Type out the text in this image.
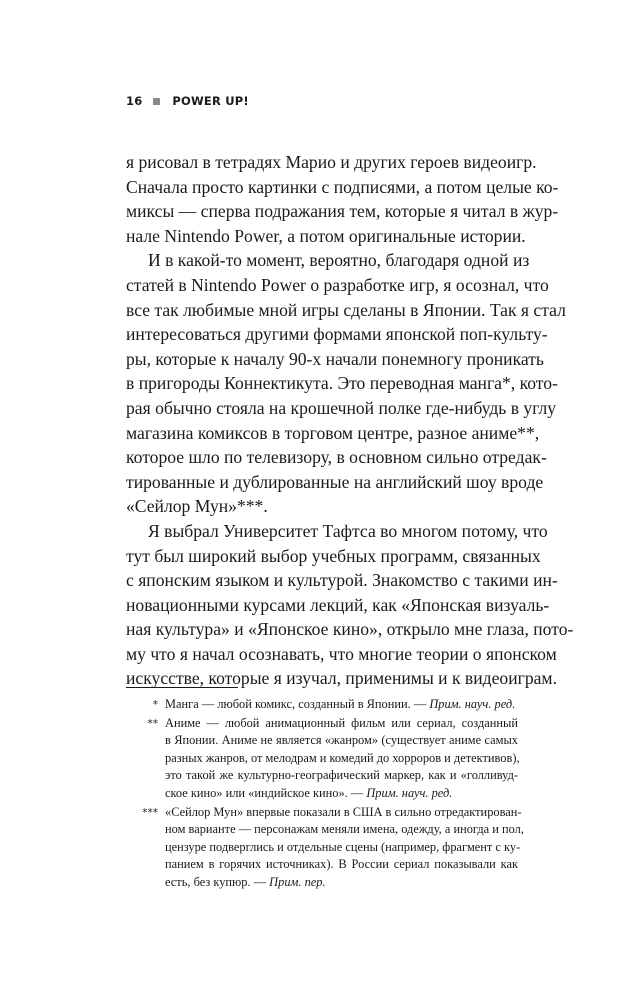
16	POWER UP!
я рисовал в тетрадях Марио и других героев видеоигр.
Сначала просто картинки с подписями, а потом целые ко-
миксы — сперва подражания тем, которые я читал в жур-
нале Nintendo Power, а потом оригинальные истории.
И в какой-то момент, вероятно, благодаря одной из
статей в Nintendo Power о разработке игр, я осознал, что
все так любимые мной игры сделаны в Японии. Так я стал
интересоваться другими формами японской поп-культу-
ры, которые к началу 90-х начали понемногу проникать
в пригороды Коннектикута. Это переводная манга*, кото-
рая обычно стояла на крошечной полке где-нибудь в углу
магазина комиксов в торговом центре, разное аниме**,
которое шло по телевизору, в основном сильно отредак-
тированные и дублированные на английский шоу вроде
«Сейлор Мун»***.
Я выбрал Университет Тафтса во многом потому, что
тут был широкий выбор учебных программ, связанных
с японским языком и культурой. Знакомство с такими ин-
новационными курсами лекций, как «Японская визуаль-
ная культура» и «Японское кино», открыло мне глаза, пото-
му что я начал осознавать, что многие теории о японском
искусстве, которые я изучал, применимы и к видеоиграм.
* Манга — любой комикс, созданный в Японии. — Прим. науч. ред.
** Аниме — любой анимационный фильм или сериал, созданный
в Японии. Аниме не является «жанром» (существует аниме самых
разных жанров, от мелодрам и комедий до хорроров и детективов),
это такой же культурно-географический маркер, как и «голливуд-
ское кино» или «индийское кино». — Прим. науч. ред.
*** «Сейлор Мун» впервые показали в США в сильно отредактирован-
ном варианте — персонажам меняли имена, одежду, а иногда и пол,
цензуре подверглись и отдельные сцены (например, фрагмент с ку-
панием в горячих источниках). В России сериал показывали как
есть, без купюр. — Прим. пер.
